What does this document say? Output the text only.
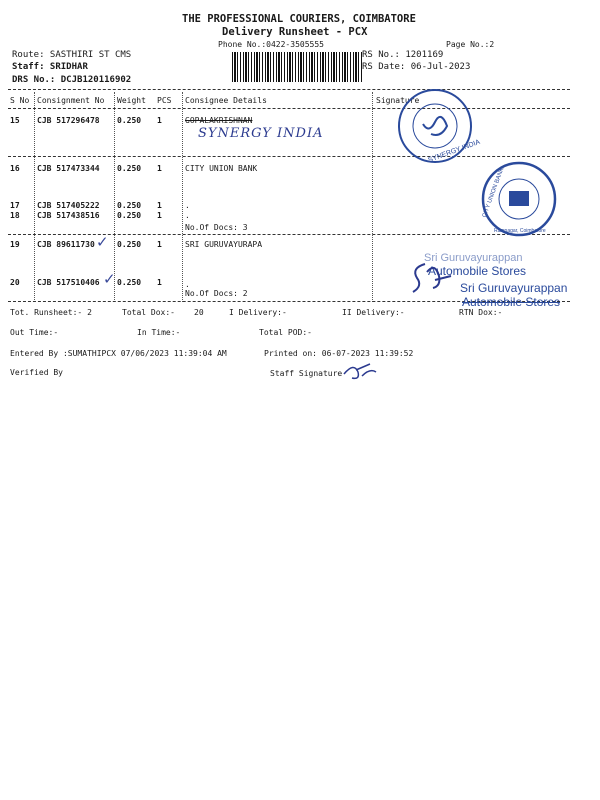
THE PROFESSIONAL COURIERS, COIMBATORE
Delivery Runsheet - PCX
Phone No.:0422-3505555	Page No.:2
Route: SASTHIRI ST CMS
Staff: SRIDHAR
DRS No.: DCJB120116902
RS No.: 1201169
RS Date: 06-Jul-2023
S No Consignment No Weight PCS Consignee Details	Signature
15 CJB 517296478 0.250 1	GOPALAKRISHNAN
SYNERGY INDIA
16 CJB 517473344 0.250 1	CITY UNION BANK
17 CJB 517405222 0.250 1	.
18 CJB 517438516 0.250 1	.
No.Of Docs: 3
19 CJB 89611730 ✓ 0.250 1	SRI GURUVAYURAPA
20 CJB 517510406 ✓ 0.250 1	.
No.Of Docs: 2
SYNERGY INDIA
CITY UNION BANK
Ramnagar, Coimbatore
Sri Guruvayurappan
Automobile Stores
Sri Guruvayurappan
Automobile Stores
Tot. Runsheet:- 2	Total Dox:- 20	I Delivery:-	II Delivery:-	RTN Dox:-
Out Time:-	In Time:-	Total POD:-
Entered By :SUMATHIPCX 07/06/2023 11:39:04 AM	Printed on: 06-07-2023 11:39:52
Verified By	Staff Signature
